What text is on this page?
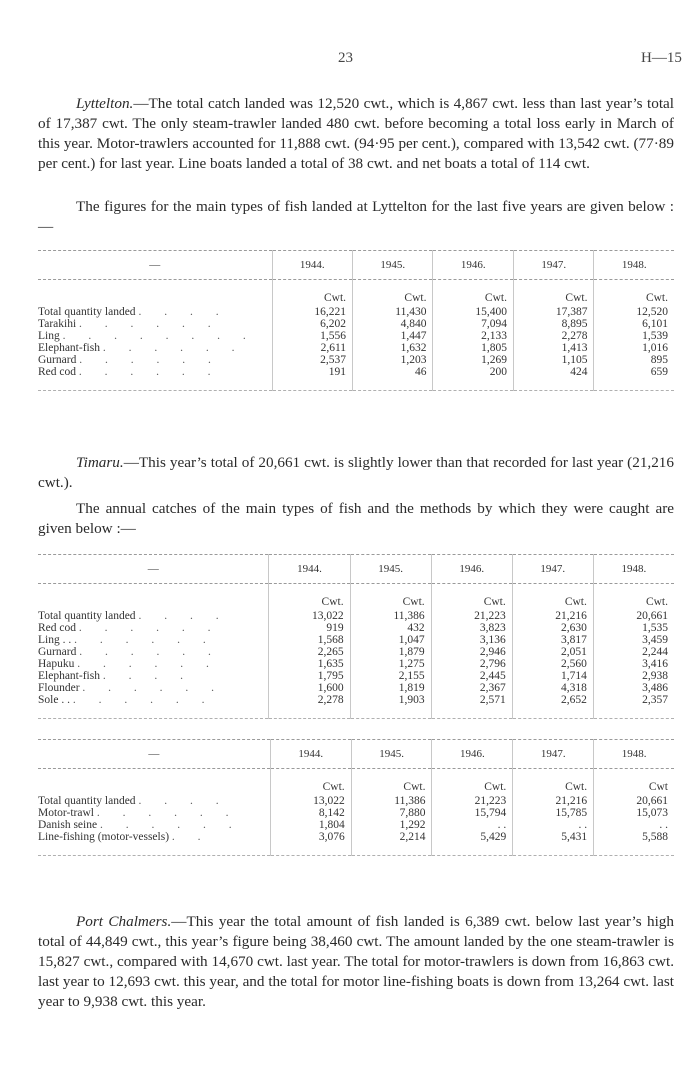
23	H—15

Lyttelton.—The total catch landed was 12,520 cwt., which is 4,867 cwt. less than last year’s total of 17,387 cwt. The only steam-trawler landed 480 cwt. before becoming a total loss early in March of this year. Motor-trawlers accounted for 11,888 cwt. (94·95 per cent.), compared with 13,542 cwt. (77·89 per cent.) for last year. Line boats landed a total of 38 cwt. and net boats a total of 114 cwt.

The figures for the main types of fish landed at Lyttelton for the last five years are given below :—

—	1944.	1945.	1946.	1947.	1948.

	Cwt.	Cwt.	Cwt.	Cwt.	Cwt.
Total quantity landed . . . .	16,221	11,430	15,400	17,387	12,520
Tarakihi . . . . . .	6,202	4,840	7,094	8,895	6,101
Ling . . . . . . . .	1,556	1,447	2,133	2,278	1,539
Elephant-fish . . . . . .	2,611	1,632	1,805	1,413	1,016
Gurnard . . . . . .	2,537	1,203	1,269	1,105	895
Red cod . . . . . .	191	46	200	424	659

Timaru.—This year’s total of 20,661 cwt. is slightly lower than that recorded for last year (21,216 cwt.).

The annual catches of the main types of fish and the methods by which they were caught are given below :—

—	1944.	1945.	1946.	1947.	1948.

	Cwt.	Cwt.	Cwt.	Cwt.	Cwt.
Total quantity landed . . . .	13,022	11,386	21,223	21,216	20,661
Red cod . . . . . .	919	432	3,823	2,630	1,535
Ling . . . . . . . .	1,568	1,047	3,136	3,817	3,459
Gurnard . . . . . .	2,265	1,879	2,946	2,051	2,244
Hapuku . . . . . .	1,635	1,275	2,796	2,560	3,416
Elephant-fish . . . .	1,795	2,155	2,445	1,714	2,938
Flounder . . . . . .	1,600	1,819	2,367	4,318	3,486
Sole . . . . . . . .	2,278	1,903	2,571	2,652	2,357

—	1944.	1945.	1946.	1947.	1948.

	Cwt.	Cwt.	Cwt.	Cwt.	Cwt
Total quantity landed . . . .	13,022	11,386	21,223	21,216	20,661
Motor-trawl . . . . . .	8,142	7,880	15,794	15,785	15,073
Danish seine . . . . . .	1,804	1,292	. .	. .	. .
Line-fishing (motor-vessels) . .	3,076	2,214	5,429	5,431	5,588

Port Chalmers.—This year the total amount of fish landed is 6,389 cwt. below last year’s high total of 44,849 cwt., this year’s figure being 38,460 cwt. The amount landed by the one steam-trawler is 15,827 cwt., compared with 14,670 cwt. last year. The total for motor-trawlers is down from 16,863 cwt. last year to 12,693 cwt. this year, and the total for motor line-fishing boats is down from 13,264 cwt. last year to 9,938 cwt. this year.
